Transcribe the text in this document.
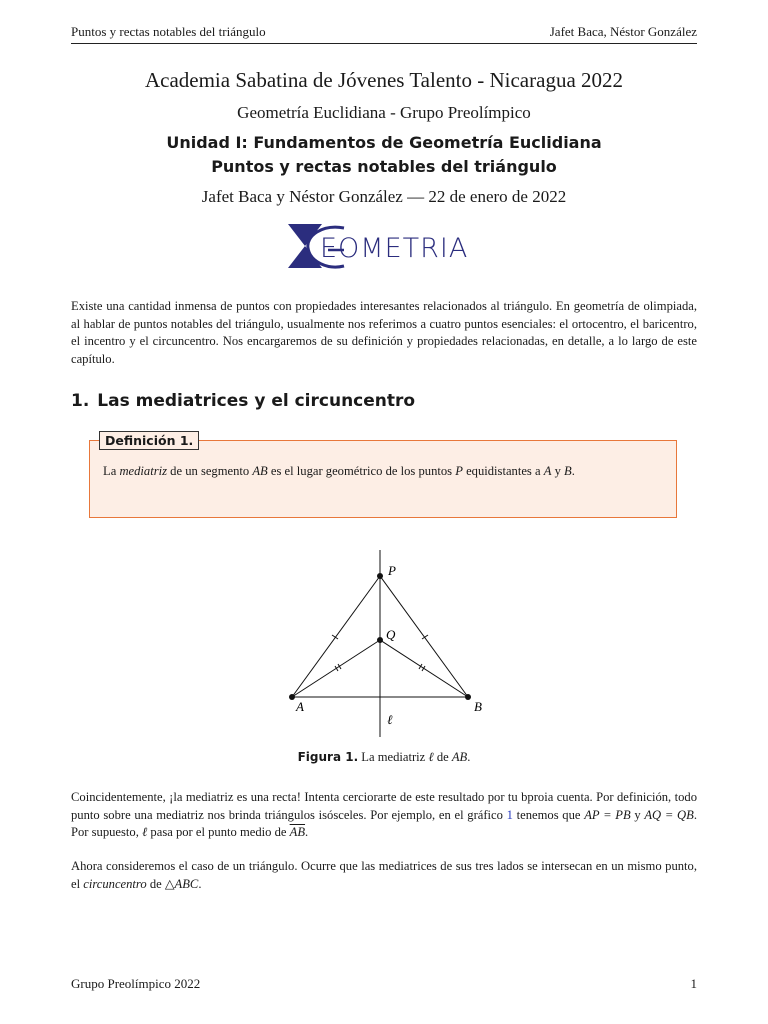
Puntos y rectas notables del triángulo	Jafet Baca, Néstor González
Academia Sabatina de Jóvenes Talento - Nicaragua 2022
Geometría Euclidiana - Grupo Preolímpico
Unidad I: Fundamentos de Geometría Euclidiana
Puntos y rectas notables del triángulo
Jafet Baca y Néstor González — 22 de enero de 2022
EOMETRIA
Existe una cantidad inmensa de puntos con propiedades interesantes relacionados al triángulo. En geometría de olimpiada, al hablar de puntos notables del triángulo, usualmente nos referimos a cuatro puntos esenciales: el ortocentro, el baricentro, el incentro y el circuncentro. Nos encargaremos de su definición y propiedades relacionadas, en detalle, a lo largo de este capítulo.
1. Las mediatrices y el circuncentro
Definición 1.
La mediatriz de un segmento AB es el lugar geométrico de los puntos P equidistantes a A y B.
P
Q
A	B
ℓ
Figura 1. La mediatriz ℓ de AB.
Coincidentemente, ¡la mediatriz es una recta! Intenta cerciorarte de este resultado por tu bproia cuenta. Por definición, todo punto sobre una mediatriz nos brinda triángulos isósceles. Por ejemplo, en el gráfico 1 tenemos que AP = PB y AQ = QB. Por supuesto, ℓ pasa por el punto medio de $\overline{AB}$.
Ahora consideremos el caso de un triángulo. Ocurre que las mediatrices de sus tres lados se intersecan en un mismo punto, el circuncentro de △ABC.
Grupo Preolímpico 2022	1
